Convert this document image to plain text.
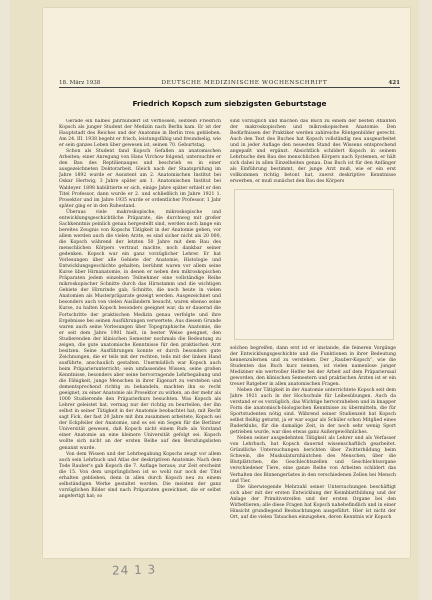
18. März 1938	DEUTSCHE MEDIZINISCHE WOCHENSCHRIFT	421
Friedrich Kopsch zum siebzigsten Geburtstage

Gerade ein halbes Jahrhundert ist verflossen, seitdem Friedrich Kopsch als junger Student der Medizin nach Berlin kam. Er ist der Hauptstadt des Reiches und der Anatomie in Berlin treu geblieben. Am 24. III. 1938 begeht er frisch, leistungsfähig und freundselig, wie er sein ganzes Leben über gewesen ist, seinen 70. Geburtstag.

Schon als Student fand Kopsch Gefallen an anatomischen Arbeiten; einer Anregung von Hans Virchow folgend, untersuchte er den Bau des Reptilienauges und beschrieb es in einer ausgezeichneten Doktorarbeit. Gleich nach der Staatsprüfung im Jahre 1892 wurde er Assistent am 2. Anatomischen Institut bei Oskar Hertwig, 3 Jahre später am 1. Anatomischen Institut bei Waldeyer. 1898 habilitierte er sich, einige Jahre später erhielt er den Titel Professor, dann wurde er 2. und schließlich im Jahre 1921 1. Prosektor und im Jahre 1935 wurde er ordentlicher Professor, 1 Jahr später ging er in den Ruhestand.

Überaus viele makroskopische, mikroskopische und entwicklungsgeschichtliche Präparate, die durchweg mit großer Sachkenntnis peinlich genau hergestellt sind, werden noch lange ein bereites Zeugnis von Kopschs Tätigkeit in der Anatomie geben, vor allem werden auch die vielen Arzte, es sind sicher nicht als 20 000, die Kopsch während der letzten 50 Jahre mit dem Bau des menschlichen Körpers vertraut machte, noch dankbar seiner gedenken. Kopsch war ein ganz vorzüglicher Lehrer. Er hat Vorlesungen über alle Gebiete der Anatomie, Histologie und Entwicklungsgeschichte gehalten; berühmt waren vor allem seine Kurse über Hirnanatomie, in denen er neben den mikroskopischen Präparaten jedem einzelnen Teilnehmer eine vollständige Reihe mikroskopischer Schnitte durch das Hirnstamm und die wichtigen Gebiete der Hirnrinde gab; Schnitte, die noch heute in vielen Anatomien als Musterpräparate gezeigt werden. Ausgezeichnet und besonders auch von vielen Ausländern besucht, waren ebenso seine Kurse, zu halten Kopsch besonders geeignet war, da er dauernd die Fortschritte der praktischen Medizin genau verfolgte und ihre Ergebnisse bei seinen Ausführungen verwertete. Aus diesem Grunde waren auch seine Vorlesungen über Topographische Anatomie, die er seit dem Jahre 1901 hielt, in bester Weise geeignet, den Studierenden der klinischen Semester nochmals die Bedeutung zu zeigen, die gute anatomische Kenntnisse für den praktischen Arzt besitzen. Seine Ausführungen konnte er durch besonders gute Zeichnungen, die er teils mit der rechten, teils mit der linken Hand ausführte, anschaulich gestalten. Unermüdlich war Kopsch auch beim Präparierunterricht; sein umfassendes Wissen, seine großen Kenntnisse, besonders aber seine hervorragende Lehrbegabung und die Fähigkeit, junge Menschen in ihrer Eigenart zu verstehen und dementsprechend richtig zu behandeln, machten ihn so recht geeignet, zu einer Anatomie als Prosektor zu wirken, an der mehr als 1000 Studierende den Präparierkurs besuchten. Was Kopsch als Lehrer geleistet hat, vermag nur der richtig zu beurteilen, der ihn selbst in seiner Tätigkeit in der Anatomie beobachtet hat; mit Recht sagt Fick, der fast 20 Jahre mit ihm zusammen arbeitete, Kopsch sei der Eckpfeiler der Anatomie, und es sei ein Segen für die Berliner Universität gewesen, daß Kopsch nicht einem Rufe als Vorstand einer Anatomie an eine kleinere Universität gefolgt sei. Kopsch wollte sich nicht an der ersten Reihe auf den Berufungslisten genannt wurde.

Von dem Wissen und der Lehrbegabung Kopschs zeugt vor allem auch sein Lehrbuch und Atlas der deskriptiven Anatomie. Nach dem Tode Rauber's gab Kopsch die 7. Auflage heraus; zur Zeit erscheint die 15. Von dem ursprünglichen ist so wohl nur noch der Titel erhalten geblieben, denn in allen durch Kopsch neu zu einem selbständigen Werke gestaltet worden. Die meisten der ganz vorzüglichen Bilder sind nach Präparaten gezeichnet, die er selbst angefertigt hat; so

sind vorzüglich und machen das Buch zu einem der besten Atlanten der makroskopischen und mikroskopischen Anatomie. Den Bedürfnissen der Praktiker werden zahlreiche Röntgenbilder gerecht. Auch den Text des Buches hat Kopsch vollständig neu ausgearbeitet und in jeder Auflage den neuesten Stand des Wissens entsprechend angepaßt und ergänzt. Absichtlich schildert Kopsch in seinem Lehrbuche den Bau des menschlichen Körpers nach Systemen, er hält sich dabei in allen Einzelheiten genau. Das Buch ist für den Anfänger als Einführung bestimmt, der junge Arzt muß, wie er ein erst vollkommen richtig betont hat, zuerst deskriptive Kenntnisse erwerben, er muß zunächst den Bau des Körpers

solchen begreifen, dann erst ist er imstande, die feineren Vorgänge der Entwicklungsgeschichte und die Funktionen in ihrer Bedeutung kennenzulernen und zu verstehen. Der „Rauber-Kopsch“, wie die Studenten das Buch kurz nennen, ist vielen namenlose junger Mediziner ein wertvoller Helfer bei der Arbeit auf dem Präpariersaal geworden, den klinischen Semestern und praktischen Ärzten ist er ein treuer Ratgeber in allen anatomischen Fragen.

Neben der Tätigkeit in der Anatomie unterrichtete Kopsch seit dem Jahre 1921 auch in der Hochschule für Leibesübungen. Auch da verstand er es vorzüglich, das Wichtige hervorzuheben und in knapper Form die anatomisch-biologischen Kenntnisse zu übermitteln, die für Sportstudenten nötig sind. Während seiner Studienzeit hat Kopsch selbst fleißig geturnt, ja er war sogar als Schüler schon Mitglied eines Ruderklubs, für die damalige Zeit, in der noch sehr wenig Sport getrieben wurde, war dies etwas ganz Außergewöhnliches.

Neben seiner ausgedehnten Tätigkeit als Lehrer und als Verfasser von Lehrbuch, hat Kopsch dauernd wissenschaftlich gearbeitet. Gründliche Untersuchungen berichten über Zwitterbildung beim Schwein, die Muskulaturnhäutchen des Menschen, über die Blutplättchen, die Geschlechtszellen und Geschlechtsorgane verschiedener Tiere, eine ganze Reihe von Arbeiten schildert das Verhalten des Binnengerüstes in den verschiedenen Zellen bei Mensch und Tier.

Die überwiegende Mehrzahl seiner Untersuchungen beschäftigt sich aber mit der ersten Entwicklung der Keimblattbildung und der Anlage der Primitivstreifen und der ersten Organe bei den Wirbeltieren; alle diese Fragen hat Kopsch nahebefindlich und in einer Hinsicht grundlegend Beobachtungen ausgeführt. Hier ist nicht der Ort, auf die vielen Tatsachen einzugehen, deren Kenntnis wir Kopsch

24 1 3
